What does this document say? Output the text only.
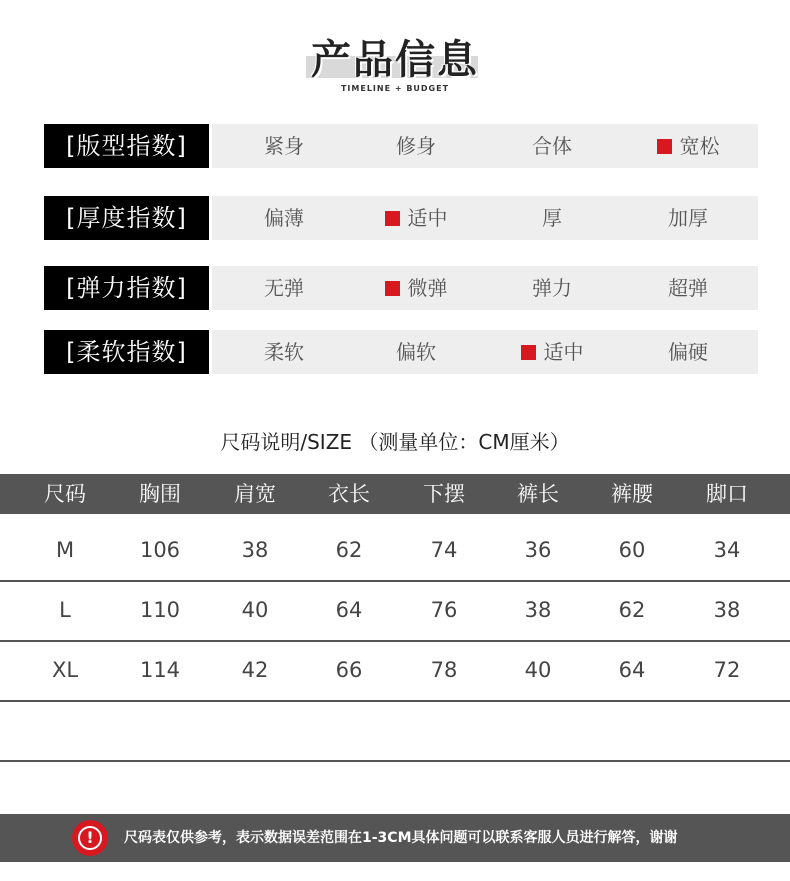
产品信息
TIMELINE + BUDGET
[版型指数]	紧身	修身	合体	宽松
[厚度指数]	偏薄	适中	厚	加厚
[弹力指数]	无弹	微弹	弹力	超弹
[柔软指数]	柔软	偏软	适中	偏硬
尺码说明/SIZE （测量单位：CM厘米）
尺码	胸围	肩宽	衣长	下摆	裤长	裤腰	脚口
M	106	38	62	74	36	60	34
L	110	40	64	76	38	62	38
XL	114	42	66	78	40	64	72
!	尺码表仅供参考，表示数据误差范围在1-3CM具体问题可以联系客服人员进行解答，谢谢
